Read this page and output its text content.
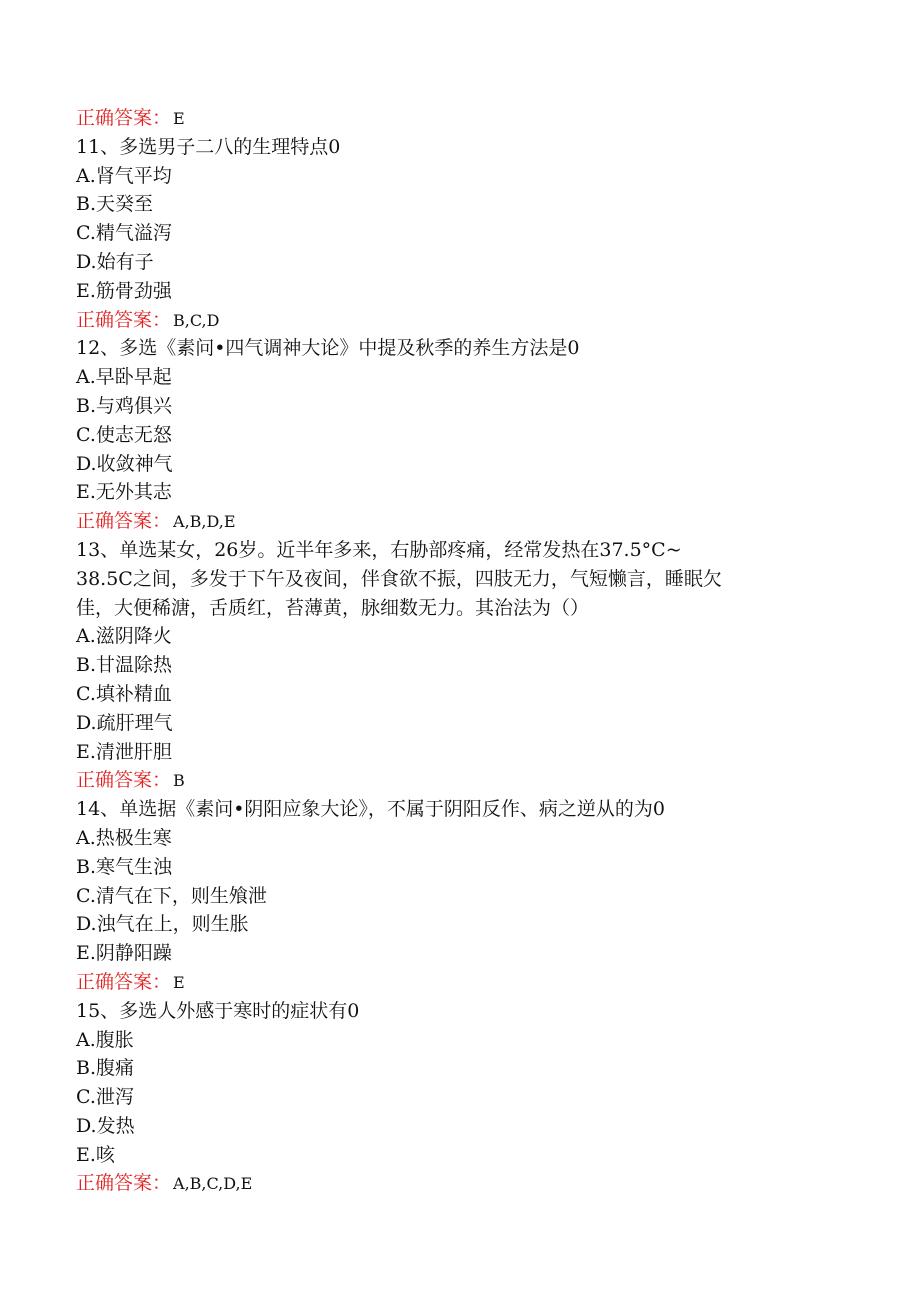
正确答案： E
11、多选男子二八的生理特点0
A.肾气平均
B.天癸至
C.精气溢泻
D.始有子
E.筋骨劲强
正确答案： B,C,D
12、多选《素问•四气调神大论》中提及秋季的养生方法是0
A.早卧早起
B.与鸡俱兴
C.使志无怒
D.收敛神气
E.无外其志
正确答案： A,B,D,E
13、单选某女，26岁。近半年多来，右胁部疼痛，经常发热在37.5°C~
38.5C之间，多发于下午及夜间，伴食欲不振，四肢无力，气短懒言，睡眠欠
佳，大便稀溏，舌质红，苔薄黄，脉细数无力。其治法为（）
A.滋阴降火
B.甘温除热
C.填补精血
D.疏肝理气
E.清泄肝胆
正确答案： B
14、单选据《素问•阴阳应象大论》，不属于阴阳反作、病之逆从的为0
A.热极生寒
B.寒气生浊
C.清气在下，则生飧泄
D.浊气在上，则生胀
E.阴静阳躁
正确答案： E
15、多选人外感于寒时的症状有0
A.腹胀
B.腹痛
C.泄泻
D.发热
E.咳
正确答案： A,B,C,D,E
